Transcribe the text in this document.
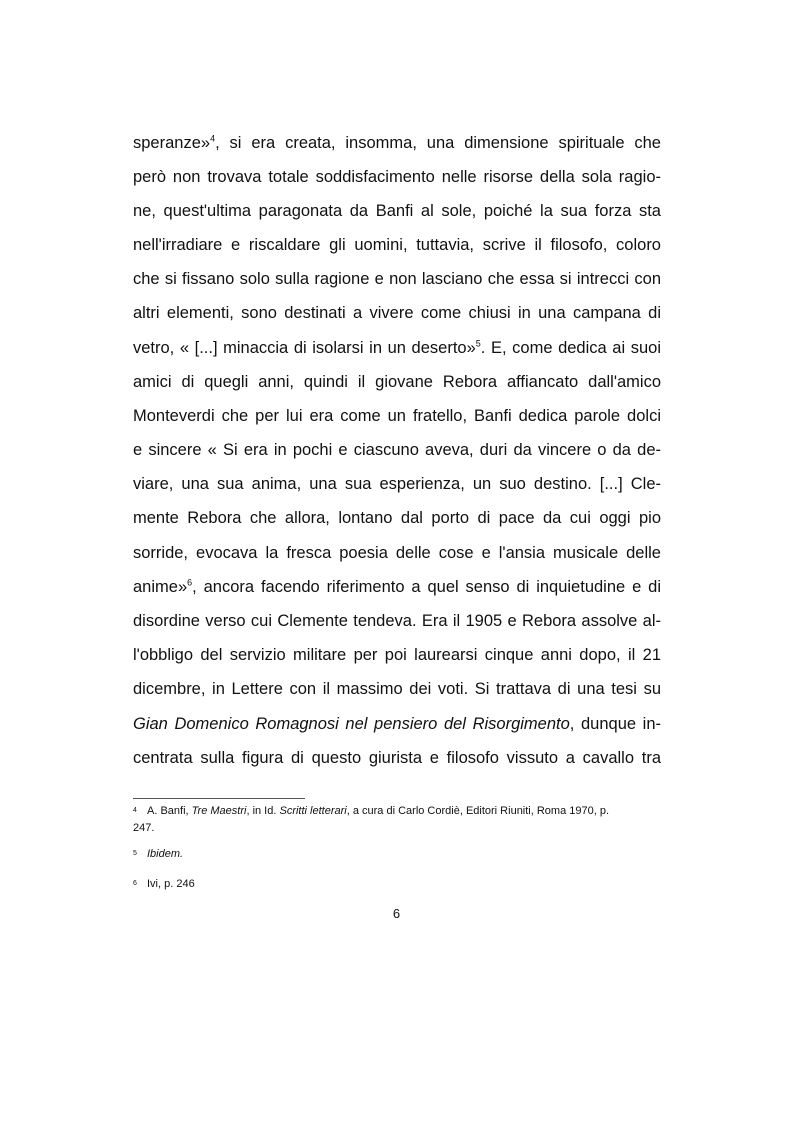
speranze»$^4$, si era creata, insomma, una dimensione spirituale che

però non trovava totale soddisfacimento nelle risorse della sola ragio-

ne, quest'ultima paragonata da Banfi al sole, poiché la sua forza sta

nell'irradiare e riscaldare gli uomini, tuttavia, scrive il filosofo, coloro

che si fissano solo sulla ragione e non lasciano che essa si intrecci con

altri elementi, sono destinati a vivere come chiusi in una campana di

vetro, « [...] minaccia di isolarsi in un deserto»$^5$. E, come dedica ai suoi

amici di quegli anni, quindi il giovane Rebora affiancato dall'amico

Monteverdi che per lui era come un fratello, Banfi dedica parole dolci

e sincere « Si era in pochi e ciascuno aveva, duri da vincere o da de-

viare, una sua anima, una sua esperienza, un suo destino. [...] Cle-

mente Rebora che allora, lontano dal porto di pace da cui oggi pio

sorride, evocava la fresca poesia delle cose e l'ansia musicale delle

anime»$^6$, ancora facendo riferimento a quel senso di inquietudine e di

disordine verso cui Clemente tendeva. Era il 1905 e Rebora assolve al-

l'obbligo del servizio militare per poi laurearsi cinque anni dopo, il 21

dicembre, in Lettere con il massimo dei voti. Si trattava di una tesi su

Gian Domenico Romagnosi nel pensiero del Risorgimento, dunque in-

centrata sulla figura di questo giurista e filosofo vissuto a cavallo tra

4 A. Banfi, Tre Maestri, in Id. Scritti letterari, a cura di Carlo Cordiè, Editori Riuniti, Roma 1970, p.
247.

5 Ibidem.

6 Ivi, p. 246

6
